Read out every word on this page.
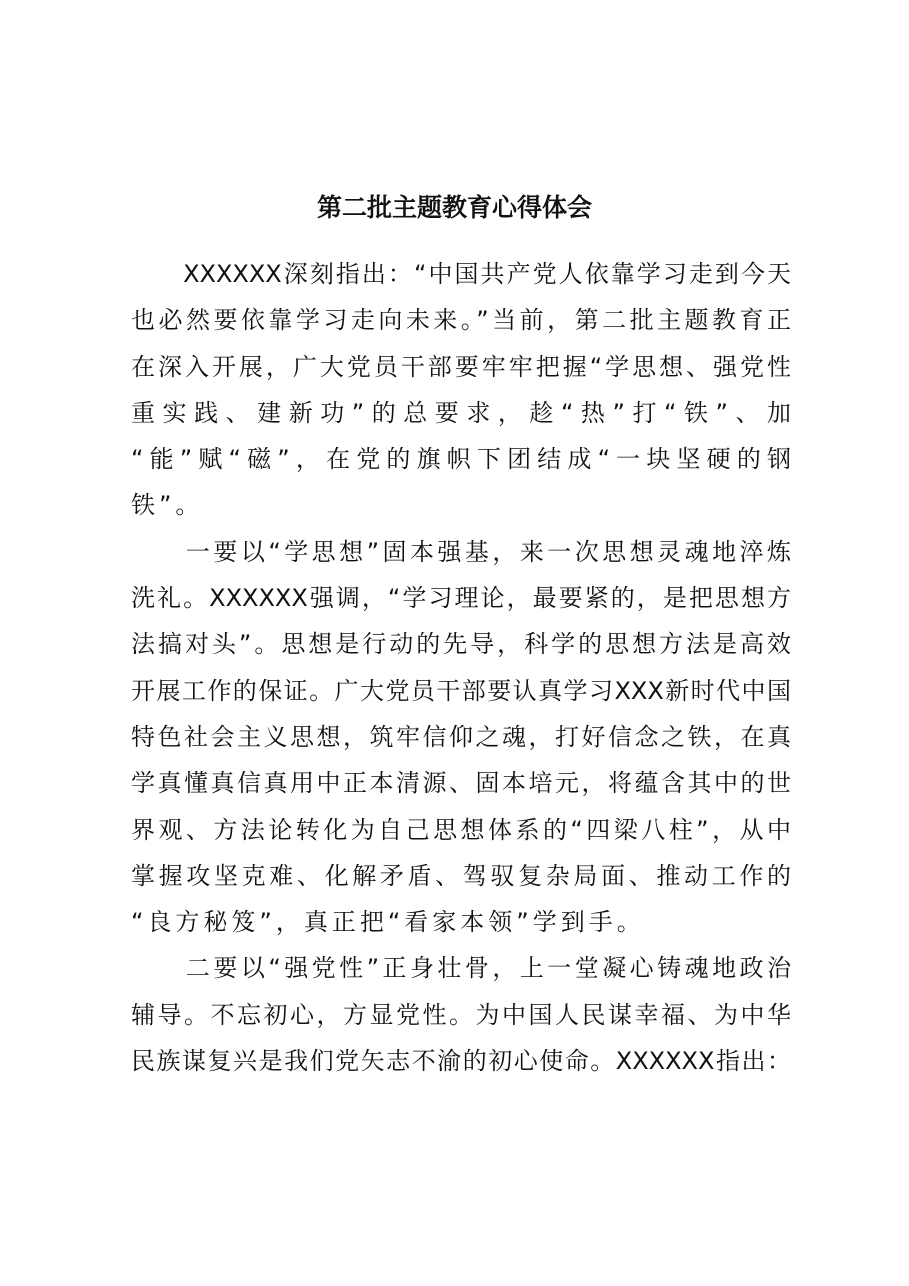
第二批主题教育心得体会
　　XXXXXX深刻指出：“中国共产党人依靠学习走到今天
也必然要依靠学习走向未来。”当前，第二批主题教育正
在深入开展，广大党员干部要牢牢把握“学思想、强党性
重实践、建新功”的总要求，趁“热”打“铁”、加
“能”赋“磁”，在党的旗帜下团结成“一块坚硬的钢
铁”。
　　一要以“学思想”固本强基，来一次思想灵魂地淬炼
洗礼。XXXXXX强调，“学习理论，最要紧的，是把思想方
法搞对头”。思想是行动的先导，科学的思想方法是高效
开展工作的保证。广大党员干部要认真学习XXX新时代中国
特色社会主义思想，筑牢信仰之魂，打好信念之铁，在真
学真懂真信真用中正本清源、固本培元，将蕴含其中的世
界观、方法论转化为自己思想体系的“四梁八柱”，从中
掌握攻坚克难、化解矛盾、驾驭复杂局面、推动工作的
“良方秘笈”，真正把“看家本领”学到手。
　　二要以“强党性”正身壮骨，上一堂凝心铸魂地政治
辅导。不忘初心，方显党性。为中国人民谋幸福、为中华
民族谋复兴是我们党矢志不渝的初心使命。XXXXXX指出：
